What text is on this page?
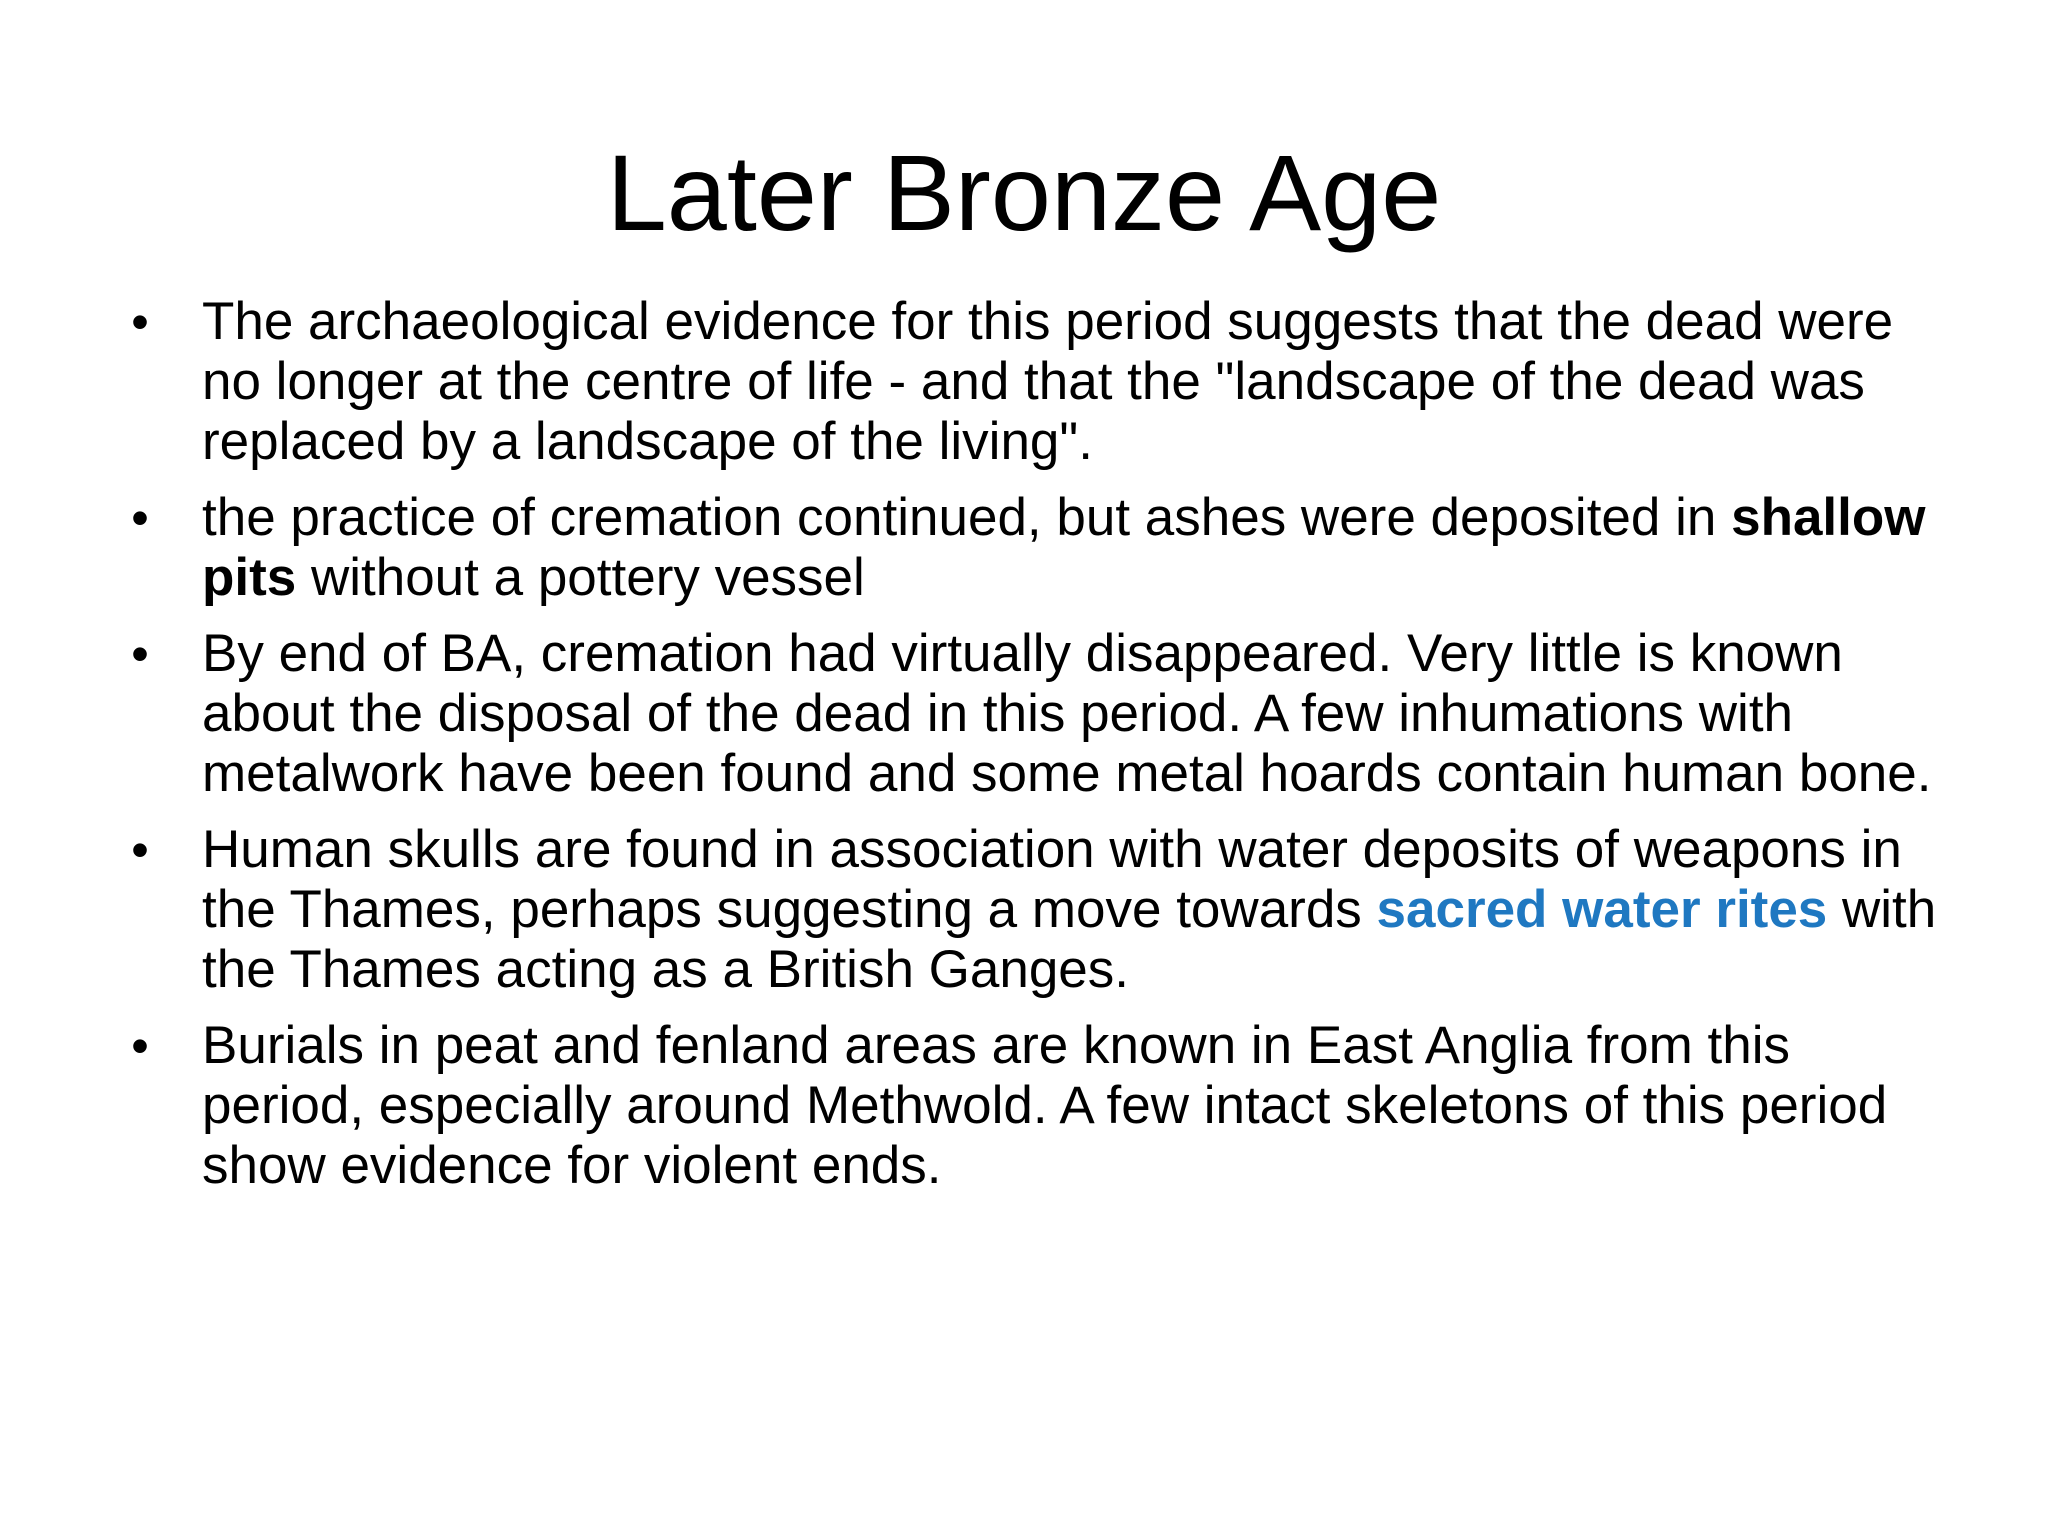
Later Bronze Age
• The archaeological evidence for this period suggests that the dead were no longer at the centre of life - and that the "landscape of the dead was replaced by a landscape of the living".
• the practice of cremation continued, but ashes were deposited in shallow pits without a pottery vessel
• By end of BA, cremation had virtually disappeared. Very little is known about the disposal of the dead in this period. A few inhumations with metalwork have been found and some metal hoards contain human bone.
• Human skulls are found in association with water deposits of weapons in the Thames, perhaps suggesting a move towards sacred water rites with the Thames acting as a British Ganges.
• Burials in peat and fenland areas are known in East Anglia from this period, especially around Methwold. A few intact skeletons of this period show evidence for violent ends.
